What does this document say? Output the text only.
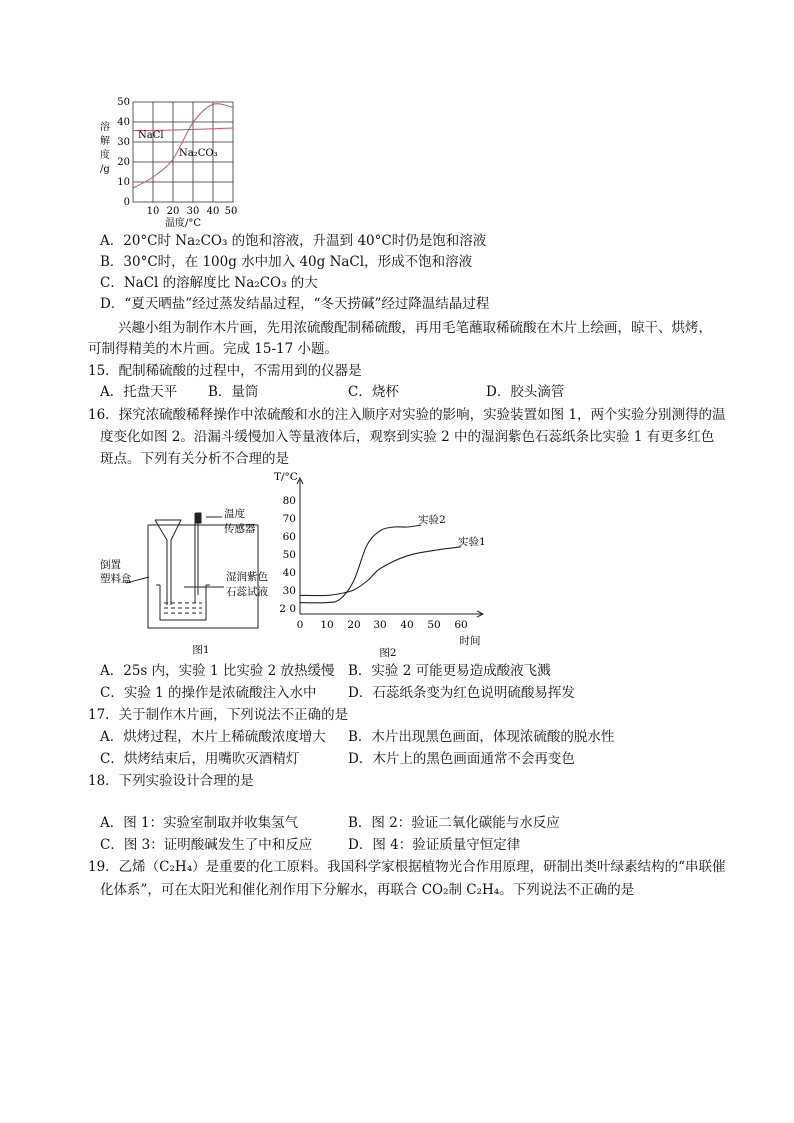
50
40
30
20
10
0
溶
解
度
/g
10 20 30 40 50
温度/°C
NaCl
Na₂CO₃
A．20°C时 Na₂CO₃ 的饱和溶液，升温到 40°C时仍是饱和溶液
B．30°C时，在 100g 水中加入 40g NaCl，形成不饱和溶液
C．NaCl 的溶解度比 Na₂CO₃ 的大
D．“夏天晒盐”经过蒸发结晶过程，“冬天捞碱”经过降温结晶过程
兴趣小组为制作木片画，先用浓硫酸配制稀硫酸，再用毛笔蘸取稀硫酸在木片上绘画，晾干、烘烤，
可制得精美的木片画。完成 15-17 小题。
15．配制稀硫酸的过程中，不需用到的仪器是
A．托盘天平 B．量筒	C．烧杯	D．胶头滴管
16．探究浓硫酸稀释操作中浓硫酸和水的注入顺序对实验的影响，实验装置如图 1，两个实验分别测得的温
度变化如图 2。沿漏斗缓慢加入等量液体后，观察到实验 2 中的湿润紫色石蕊纸条比实验 1 有更多红色
斑点。下列有关分析不合理的是
温度
传感器
倒置
塑料盒	湿润紫色
石蕊试液
图1
T/°C
80
70
60
50
40
30
2 0
0 10 20 30 40 50 60
时间
实验2
实验1
图2
A．25s 内，实验 1 比实验 2 放热缓慢 B．实验 2 可能更易造成酸液飞溅
C．实验 1 的操作是浓硫酸注入水中 D．石蕊纸条变为红色说明硫酸易挥发
17．关于制作木片画，下列说法不正确的是
A．烘烤过程，木片上稀硫酸浓度增大 B．木片出现黑色画面，体现浓硫酸的脱水性
C．烘烤结束后，用嘴吹灭酒精灯	D．木片上的黑色画面通常不会再变色
18．下列实验设计合理的是
A．图 1：实验室制取并收集氢气	B．图 2：验证二氧化碳能与水反应
C．图 3：证明酸碱发生了中和反应	D．图 4：验证质量守恒定律
19．乙烯（C₂H₄）是重要的化工原料。我国科学家根据植物光合作用原理，研制出类叶绿素结构的“串联催
化体系”，可在太阳光和催化剂作用下分解水，再联合 CO₂制 C₂H₄。下列说法不正确的是
